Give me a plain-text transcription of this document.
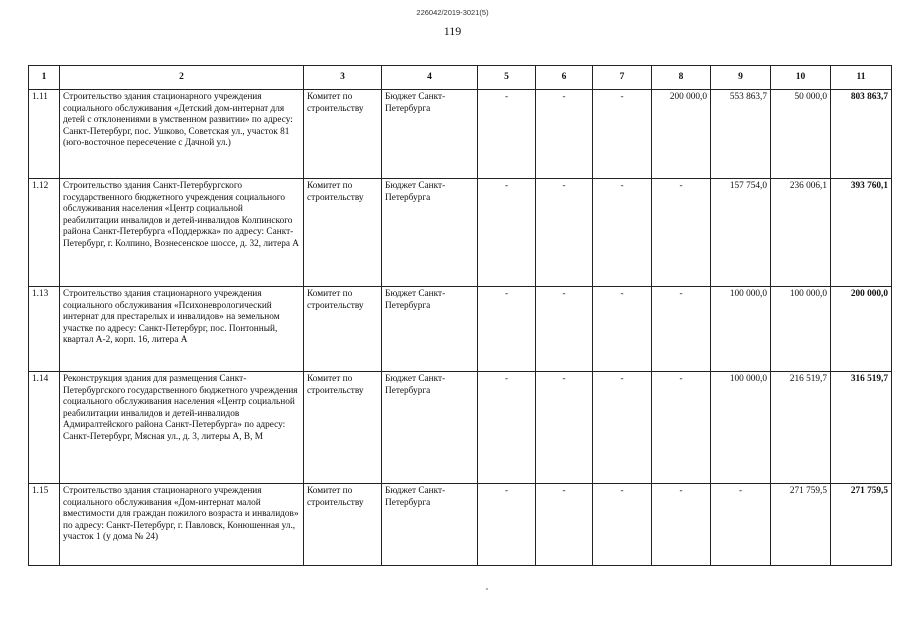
226042/2019-3021(5)
119
1	2	3	4	5	6	7	8	9	10	11
1.11	Строительство здания стационарного учреждения социального обслуживания «Детский дом-интернат для детей с отклонениями в умственном развитии» по адресу: Санкт-Петербург, пос. Ушково, Советская ул., участок 81 (юго-восточное пересечение с Дачной ул.)	Комитет по строительству	Бюджет Санкт-Петербурга	-	-	-	200 000,0	553 863,7	50 000,0	803 863,7
1.12	Строительство здания Санкт-Петербургского государственного бюджетного учреждения социального обслуживания населения «Центр социальной реабилитации инвалидов и детей-инвалидов Колпинского района Санкт-Петербурга «Поддержка» по адресу: Санкт-Петербург, г. Колпино, Вознесенское шоссе, д. 32, литера А	Комитет по строительству	Бюджет Санкт-Петербурга	-	-	-	-	157 754,0	236 006,1	393 760,1
1.13	Строительство здания стационарного учреждения социального обслуживания «Психоневрологический интернат для престарелых и инвалидов» на земельном участке по адресу: Санкт-Петербург, пос. Понтонный, квартал А-2, корп. 16, литера А	Комитет по строительству	Бюджет Санкт-Петербурга	-	-	-	-	100 000,0	100 000,0	200 000,0
1.14	Реконструкция здания для размещения Санкт-Петербургского государственного бюджетного учреждения социального обслуживания населения «Центр социальной реабилитации инвалидов и детей-инвалидов Адмиралтейского района Санкт-Петербурга» по адресу: Санкт-Петербург, Мясная ул., д. 3, литеры А, В, М	Комитет по строительству	Бюджет Санкт-Петербурга	-	-	-	-	100 000,0	216 519,7	316 519,7
1.15	Строительство здания стационарного учреждения социального обслуживания «Дом-интернат малой вместимости для граждан пожилого возраста и инвалидов» по адресу: Санкт-Петербург, г. Павловск, Конюшенная ул., участок 1 (у дома № 24)	Комитет по строительству	Бюджет Санкт-Петербурга	-	-	-	-	-	271 759,5	271 759,5
